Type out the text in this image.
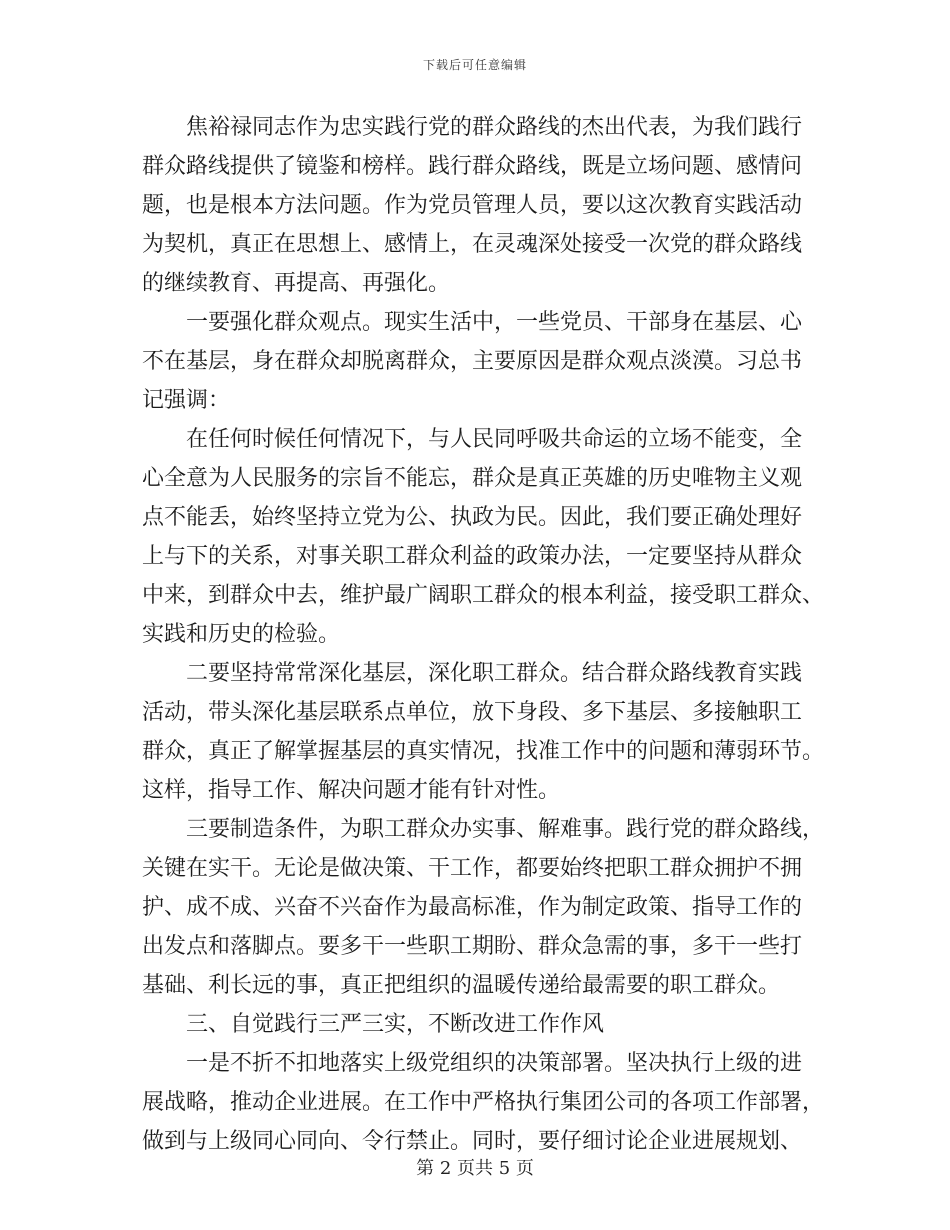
下载后可任意编辑
焦裕禄同志作为忠实践行党的群众路线的杰出代表，为我们践行
群众路线提供了镜鉴和榜样。践行群众路线，既是立场问题、感情问
题，也是根本方法问题。作为党员管理人员，要以这次教育实践活动
为契机，真正在思想上、感情上，在灵魂深处接受一次党的群众路线
的继续教育、再提高、再强化。
一要强化群众观点。现实生活中，一些党员、干部身在基层、心
不在基层，身在群众却脱离群众，主要原因是群众观点淡漠。习总书
记强调：
在任何时候任何情况下，与人民同呼吸共命运的立场不能变，全
心全意为人民服务的宗旨不能忘，群众是真正英雄的历史唯物主义观
点不能丢，始终坚持立党为公、执政为民。因此，我们要正确处理好
上与下的关系，对事关职工群众利益的政策办法，一定要坚持从群众
中来，到群众中去，维护最广阔职工群众的根本利益，接受职工群众、
实践和历史的检验。
二要坚持常常深化基层，深化职工群众。结合群众路线教育实践
活动，带头深化基层联系点单位，放下身段、多下基层、多接触职工
群众，真正了解掌握基层的真实情况，找准工作中的问题和薄弱环节。
这样，指导工作、解决问题才能有针对性。
三要制造条件，为职工群众办实事、解难事。践行党的群众路线，
关键在实干。无论是做决策、干工作，都要始终把职工群众拥护不拥
护、成不成、兴奋不兴奋作为最高标准，作为制定政策、指导工作的
出发点和落脚点。要多干一些职工期盼、群众急需的事，多干一些打
基础、利长远的事，真正把组织的温暖传递给最需要的职工群众。
三、自觉践行三严三实，不断改进工作作风
一是不折不扣地落实上级党组织的决策部署。坚决执行上级的进
展战略，推动企业进展。在工作中严格执行集团公司的各项工作部署，
做到与上级同心同向、令行禁止。同时，要仔细讨论企业进展规划、
第 2 页共 5 页
